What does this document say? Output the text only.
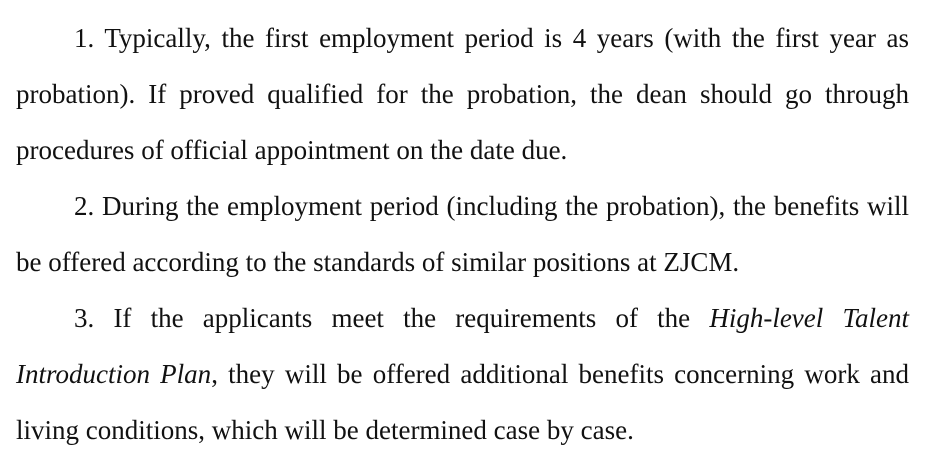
1. Typically, the first employment period is 4 years (with the first year as probation). If proved qualified for the probation, the dean should go through procedures of official appointment on the date due.

2. During the employment period (including the probation), the benefits will be offered according to the standards of similar positions at ZJCM.

3. If the applicants meet the requirements of the High-level Talent Introduction Plan, they will be offered additional benefits concerning work and living conditions, which will be determined case by case.
